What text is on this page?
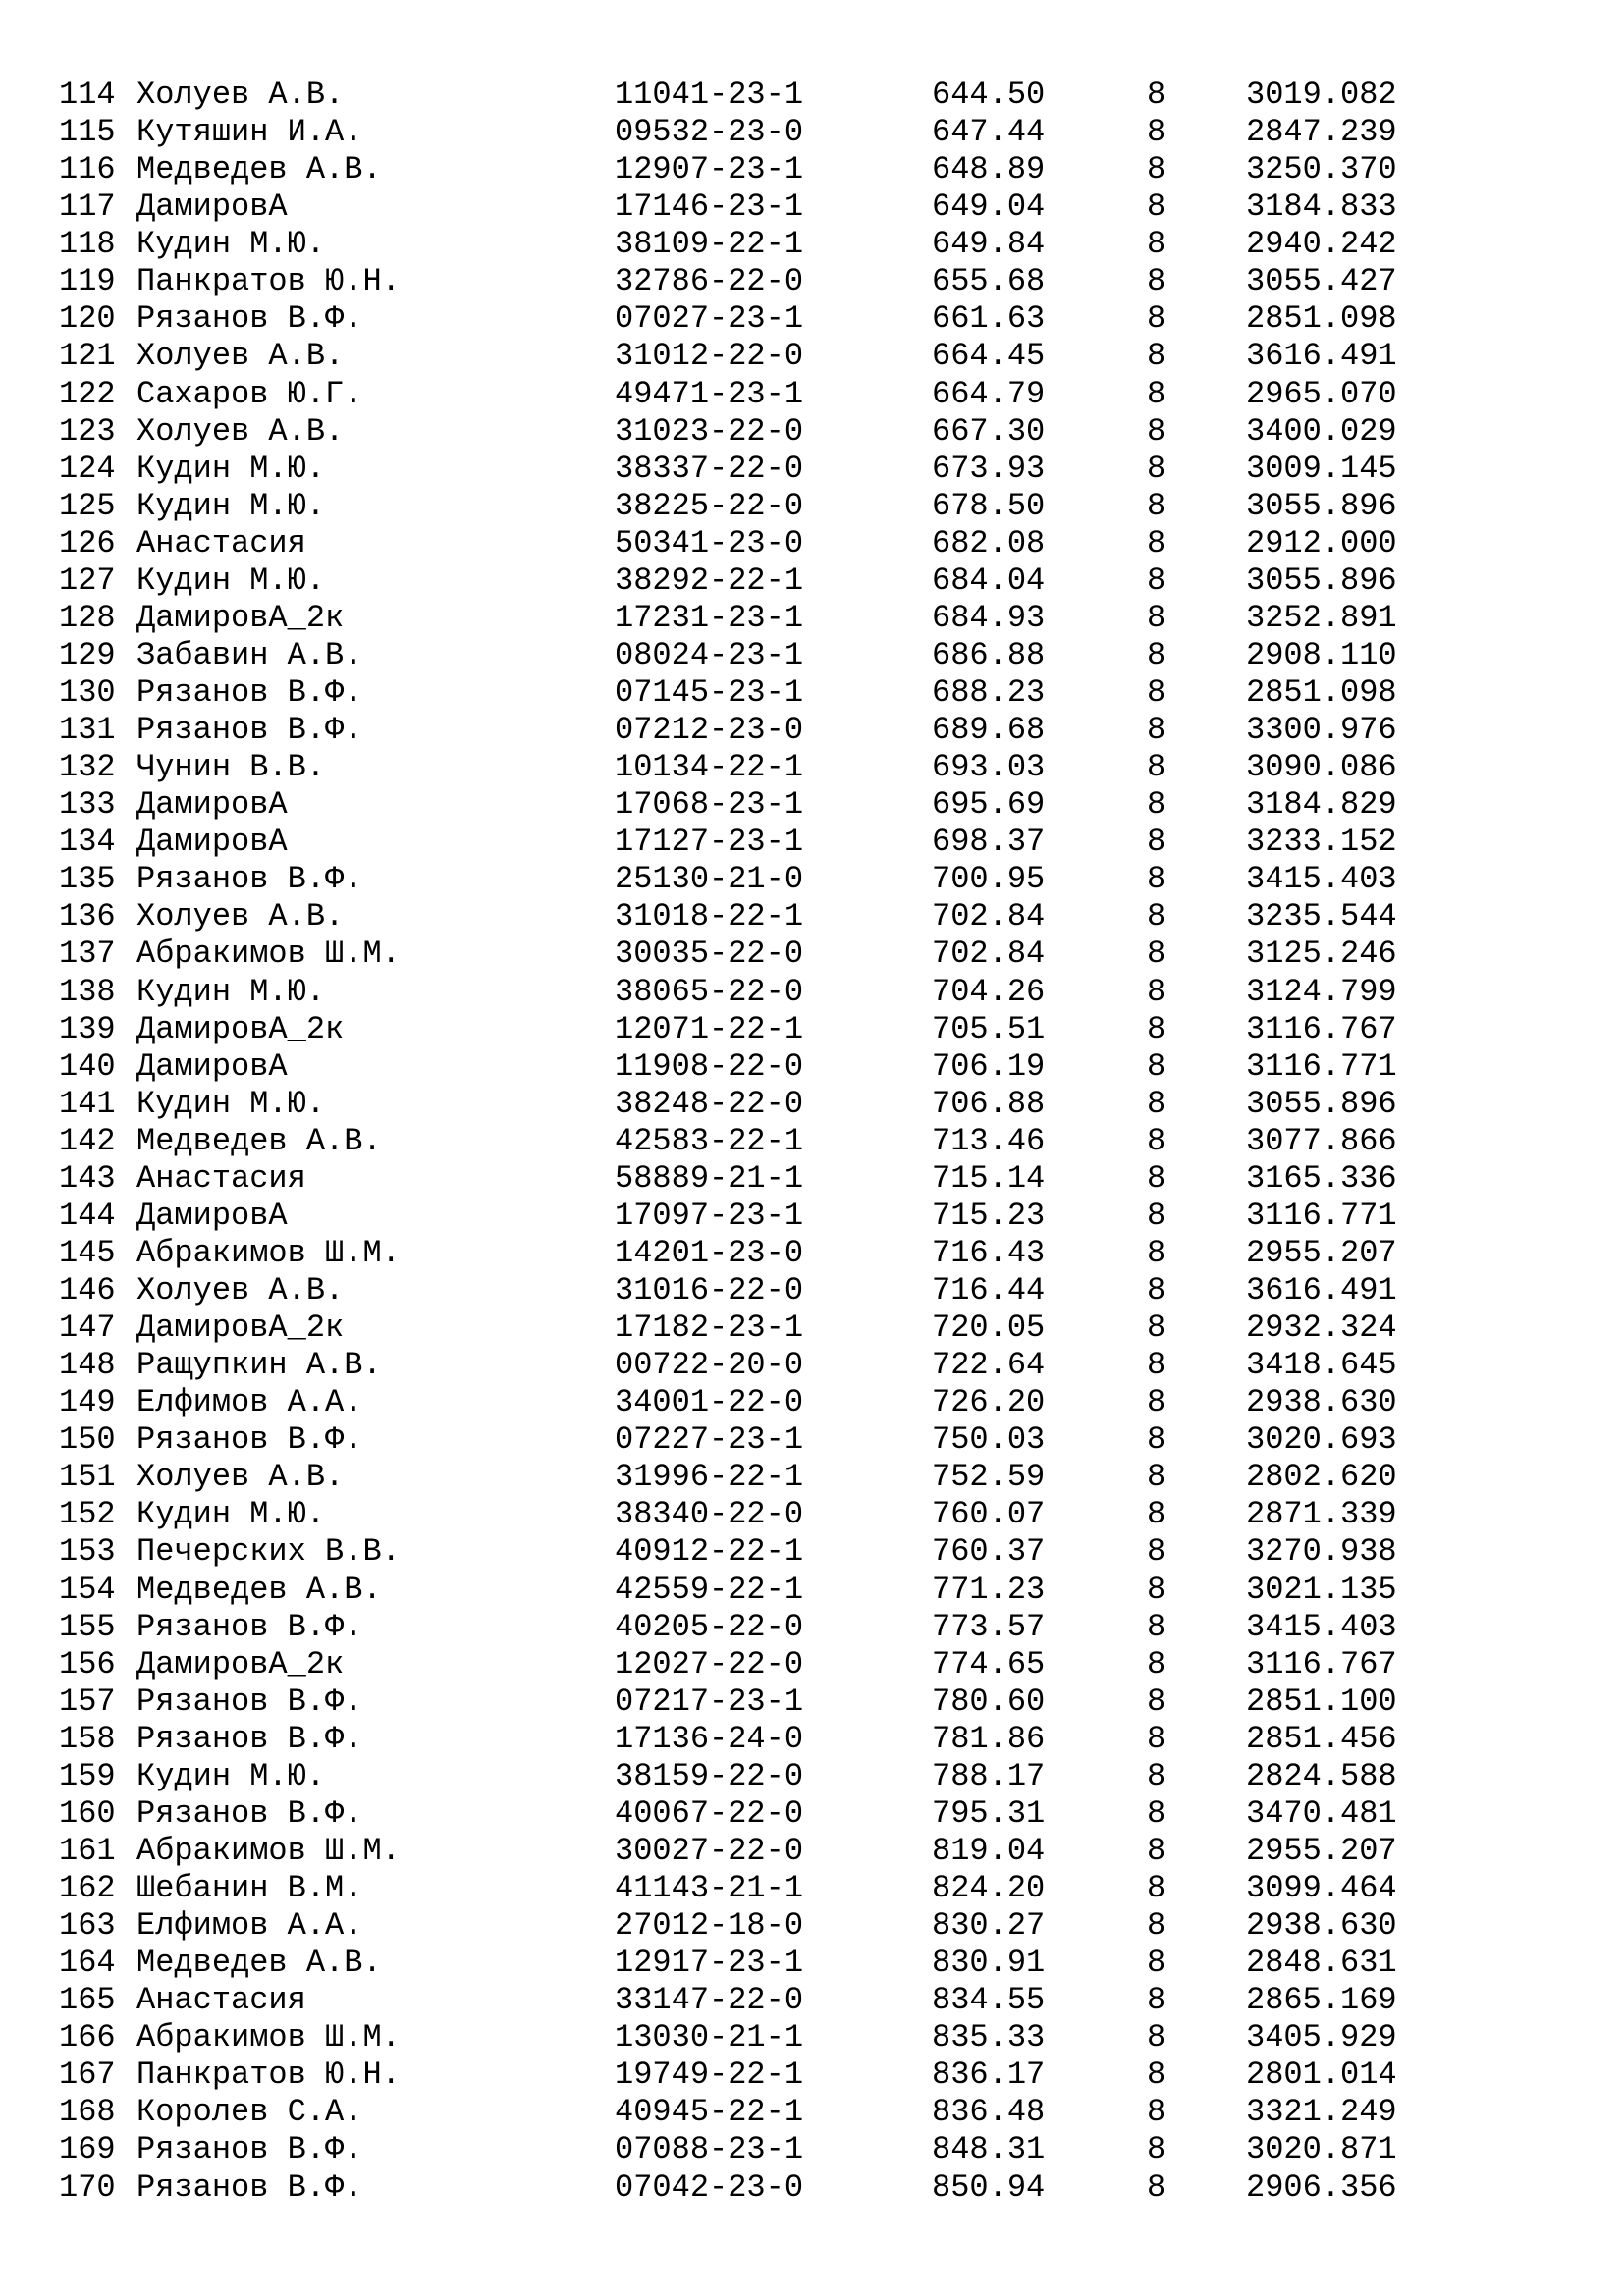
114 Холуев А.В.	11041-23-1	644.50	8	3019.082
115 Кутяшин И.А.	09532-23-0	647.44	8	2847.239
116 Медведев А.В.	12907-23-1	648.89	8	3250.370
117 ДамировА	17146-23-1	649.04	8	3184.833
118 Кудин М.Ю.	38109-22-1	649.84	8	2940.242
119 Панкратов Ю.Н.	32786-22-0	655.68	8	3055.427
120 Рязанов В.Ф.	07027-23-1	661.63	8	2851.098
121 Холуев А.В.	31012-22-0	664.45	8	3616.491
122 Сахаров Ю.Г.	49471-23-1	664.79	8	2965.070
123 Холуев А.В.	31023-22-0	667.30	8	3400.029
124 Кудин М.Ю.	38337-22-0	673.93	8	3009.145
125 Кудин М.Ю.	38225-22-0	678.50	8	3055.896
126 Анастасия	50341-23-0	682.08	8	2912.000
127 Кудин М.Ю.	38292-22-1	684.04	8	3055.896
128 ДамировА_2к	17231-23-1	684.93	8	3252.891
129 Забавин А.В.	08024-23-1	686.88	8	2908.110
130 Рязанов В.Ф.	07145-23-1	688.23	8	2851.098
131 Рязанов В.Ф.	07212-23-0	689.68	8	3300.976
132 Чунин В.В.	10134-22-1	693.03	8	3090.086
133 ДамировА	17068-23-1	695.69	8	3184.829
134 ДамировА	17127-23-1	698.37	8	3233.152
135 Рязанов В.Ф.	25130-21-0	700.95	8	3415.403
136 Холуев А.В.	31018-22-1	702.84	8	3235.544
137 Абракимов Ш.М.	30035-22-0	702.84	8	3125.246
138 Кудин М.Ю.	38065-22-0	704.26	8	3124.799
139 ДамировА_2к	12071-22-1	705.51	8	3116.767
140 ДамировА	11908-22-0	706.19	8	3116.771
141 Кудин М.Ю.	38248-22-0	706.88	8	3055.896
142 Медведев А.В.	42583-22-1	713.46	8	3077.866
143 Анастасия	58889-21-1	715.14	8	3165.336
144 ДамировА	17097-23-1	715.23	8	3116.771
145 Абракимов Ш.М.	14201-23-0	716.43	8	2955.207
146 Холуев А.В.	31016-22-0	716.44	8	3616.491
147 ДамировА_2к	17182-23-1	720.05	8	2932.324
148 Ращупкин А.В.	00722-20-0	722.64	8	3418.645
149 Елфимов А.А.	34001-22-0	726.20	8	2938.630
150 Рязанов В.Ф.	07227-23-1	750.03	8	3020.693
151 Холуев А.В.	31996-22-1	752.59	8	2802.620
152 Кудин М.Ю.	38340-22-0	760.07	8	2871.339
153 Печерских В.В.	40912-22-1	760.37	8	3270.938
154 Медведев А.В.	42559-22-1	771.23	8	3021.135
155 Рязанов В.Ф.	40205-22-0	773.57	8	3415.403
156 ДамировА_2к	12027-22-0	774.65	8	3116.767
157 Рязанов В.Ф.	07217-23-1	780.60	8	2851.100
158 Рязанов В.Ф.	17136-24-0	781.86	8	2851.456
159 Кудин М.Ю.	38159-22-0	788.17	8	2824.588
160 Рязанов В.Ф.	40067-22-0	795.31	8	3470.481
161 Абракимов Ш.М.	30027-22-0	819.04	8	2955.207
162 Шебанин В.М.	41143-21-1	824.20	8	3099.464
163 Елфимов А.А.	27012-18-0	830.27	8	2938.630
164 Медведев А.В.	12917-23-1	830.91	8	2848.631
165 Анастасия	33147-22-0	834.55	8	2865.169
166 Абракимов Ш.М.	13030-21-1	835.33	8	3405.929
167 Панкратов Ю.Н.	19749-22-1	836.17	8	2801.014
168 Королев С.А.	40945-22-1	836.48	8	3321.249
169 Рязанов В.Ф.	07088-23-1	848.31	8	3020.871
170 Рязанов В.Ф.	07042-23-0	850.94	8	2906.356
